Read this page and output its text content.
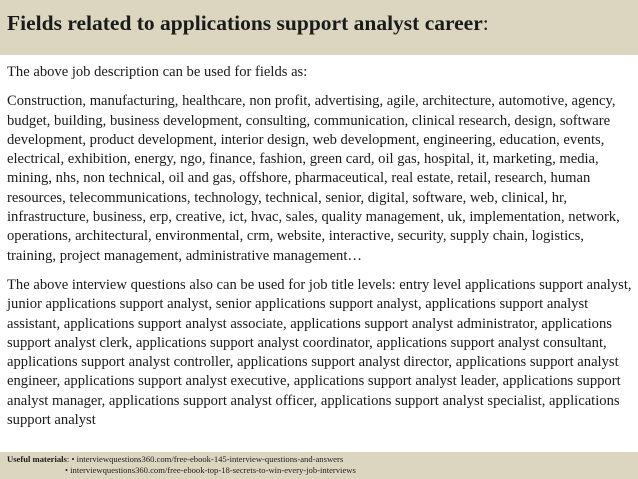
Fields related to applications support analyst career:

The above job description can be used for fields as:

Construction, manufacturing, healthcare, non profit, advertising, agile, architecture, automotive, agency, budget, building, business development, consulting, communication, clinical research, design, software development, product development, interior design, web development, engineering, education, events, electrical, exhibition, energy, ngo, finance, fashion, green card, oil gas, hospital, it, marketing, media, mining, nhs, non technical, oil and gas, offshore, pharmaceutical, real estate, retail, research, human resources, telecommunications, technology, technical, senior, digital, software, web, clinical, hr, infrastructure, business, erp, creative, ict, hvac, sales, quality management, uk, implementation, network, operations, architectural, environmental, crm, website, interactive, security, supply chain, logistics, training, project management, administrative management…

The above interview questions also can be used for job title levels: entry level applications support analyst, junior applications support analyst, senior applications support analyst, applications support analyst assistant, applications support analyst associate, applications support analyst administrator, applications support analyst clerk, applications support analyst coordinator, applications support analyst consultant, applications support analyst controller, applications support analyst director, applications support analyst engineer, applications support analyst executive, applications support analyst leader, applications support analyst manager, applications support analyst officer, applications support analyst specialist, applications support analyst

Useful materials: • interviewquestions360.com/free-ebook-145-interview-questions-and-answers
• interviewquestions360.com/free-ebook-top-18-secrets-to-win-every-job-interviews
